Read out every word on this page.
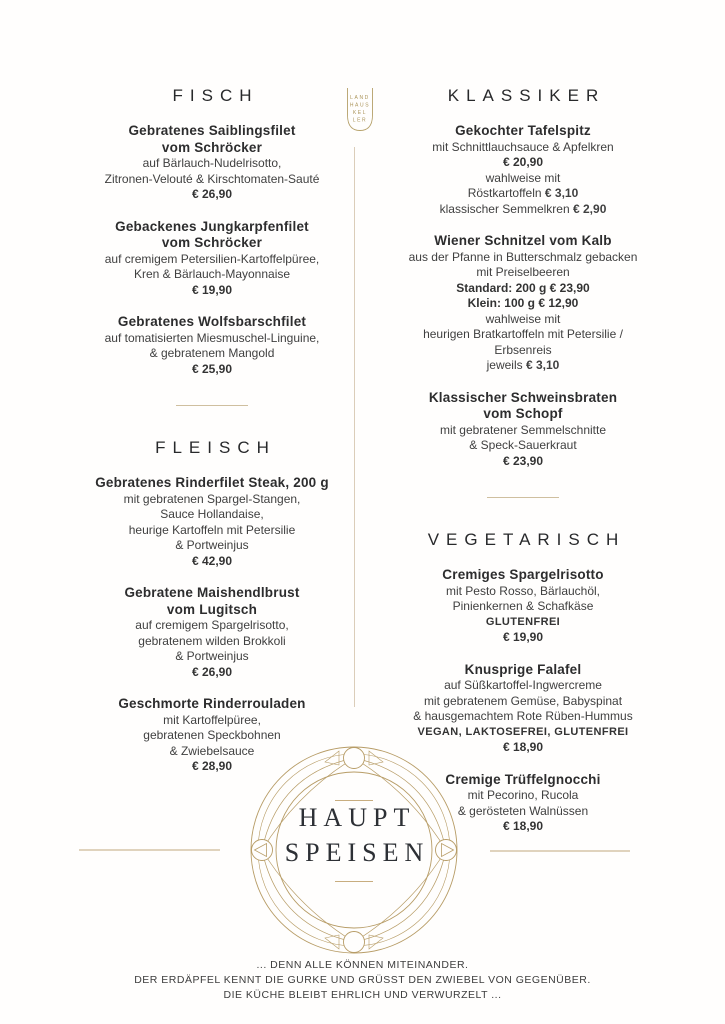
LAND
HAUS
KEL
LER
FISCH
Gebratenes Saiblingsfilet
vom Schröcker
auf Bärlauch-Nudelrisotto,
Zitronen-Velouté & Kirschtomaten-Sauté
€ 26,90
Gebackenes Jungkarpfenfilet
vom Schröcker
auf cremigem Petersilien-Kartoffelpüree,
Kren & Bärlauch-Mayonnaise
€ 19,90
Gebratenes Wolfsbarschfilet
auf tomatisierten Miesmuschel-Linguine,
& gebratenem Mangold
€ 25,90
FLEISCH
Gebratenes Rinderfilet Steak, 200 g
mit gebratenen Spargel-Stangen,
Sauce Hollandaise,
heurige Kartoffeln mit Petersilie
& Portweinjus
€ 42,90
Gebratene Maishendlbrust
vom Lugitsch
auf cremigem Spargelrisotto,
gebratenem wilden Brokkoli
& Portweinjus
€ 26,90
Geschmorte Rinderrouladen
mit Kartoffelpüree,
gebratenen Speckbohnen
& Zwiebelsauce
€ 28,90
KLASSIKER
Gekochter Tafelspitz
mit Schnittlauchsauce & Apfelkren
€ 20,90
wahlweise mit
Röstkartoffeln € 3,10
klassischer Semmelkren € 2,90
Wiener Schnitzel vom Kalb
aus der Pfanne in Butterschmalz gebacken
mit Preiselbeeren
Standard: 200 g € 23,90
Klein: 100 g € 12,90
wahlweise mit
heurigen Bratkartoffeln mit Petersilie /
Erbsenreis
jeweils € 3,10
Klassischer Schweinsbraten
vom Schopf
mit gebratener Semmelschnitte
& Speck-Sauerkraut
€ 23,90
VEGETARISCH
Cremiges Spargelrisotto
mit Pesto Rosso, Bärlauchöl,
Pinienkernen & Schafkäse
GLUTENFREI
€ 19,90
Knusprige Falafel
auf Süßkartoffel-Ingwercreme
mit gebratenem Gemüse, Babyspinat
& hausgemachtem Rote Rüben-Hummus
VEGAN, LAKTOSEFREI, GLUTENFREI
€ 18,90
Cremige Trüffelgnocchi
mit Pecorino, Rucola
& gerösteten Walnüssen
€ 18,90
HAUPT
SPEISEN
... DENN ALLE KÖNNEN MITEINANDER.
DER ERDÄPFEL KENNT DIE GURKE UND GRÜSST DEN ZWIEBEL VON GEGENÜBER.
DIE KÜCHE BLEIBT EHRLICH UND VERWURZELT ...
